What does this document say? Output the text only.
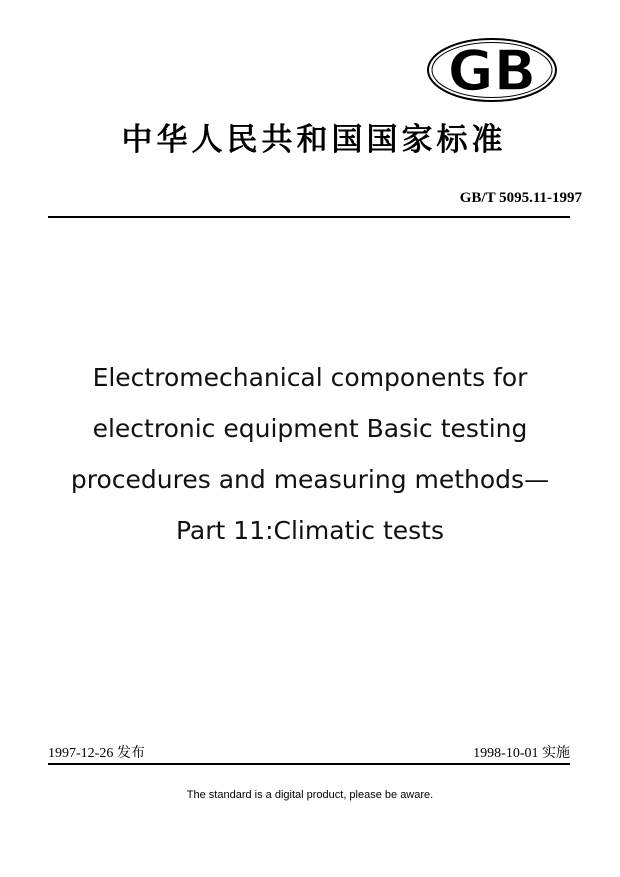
GB
中华人民共和国国家标准
GB/T 5095.11-1997
Electromechanical components for
electronic equipment Basic testing
procedures and measuring methods—
Part 11:Climatic tests
1997-12-26 发布	1998-10-01 实施
The standard is a digital product, please be aware.
